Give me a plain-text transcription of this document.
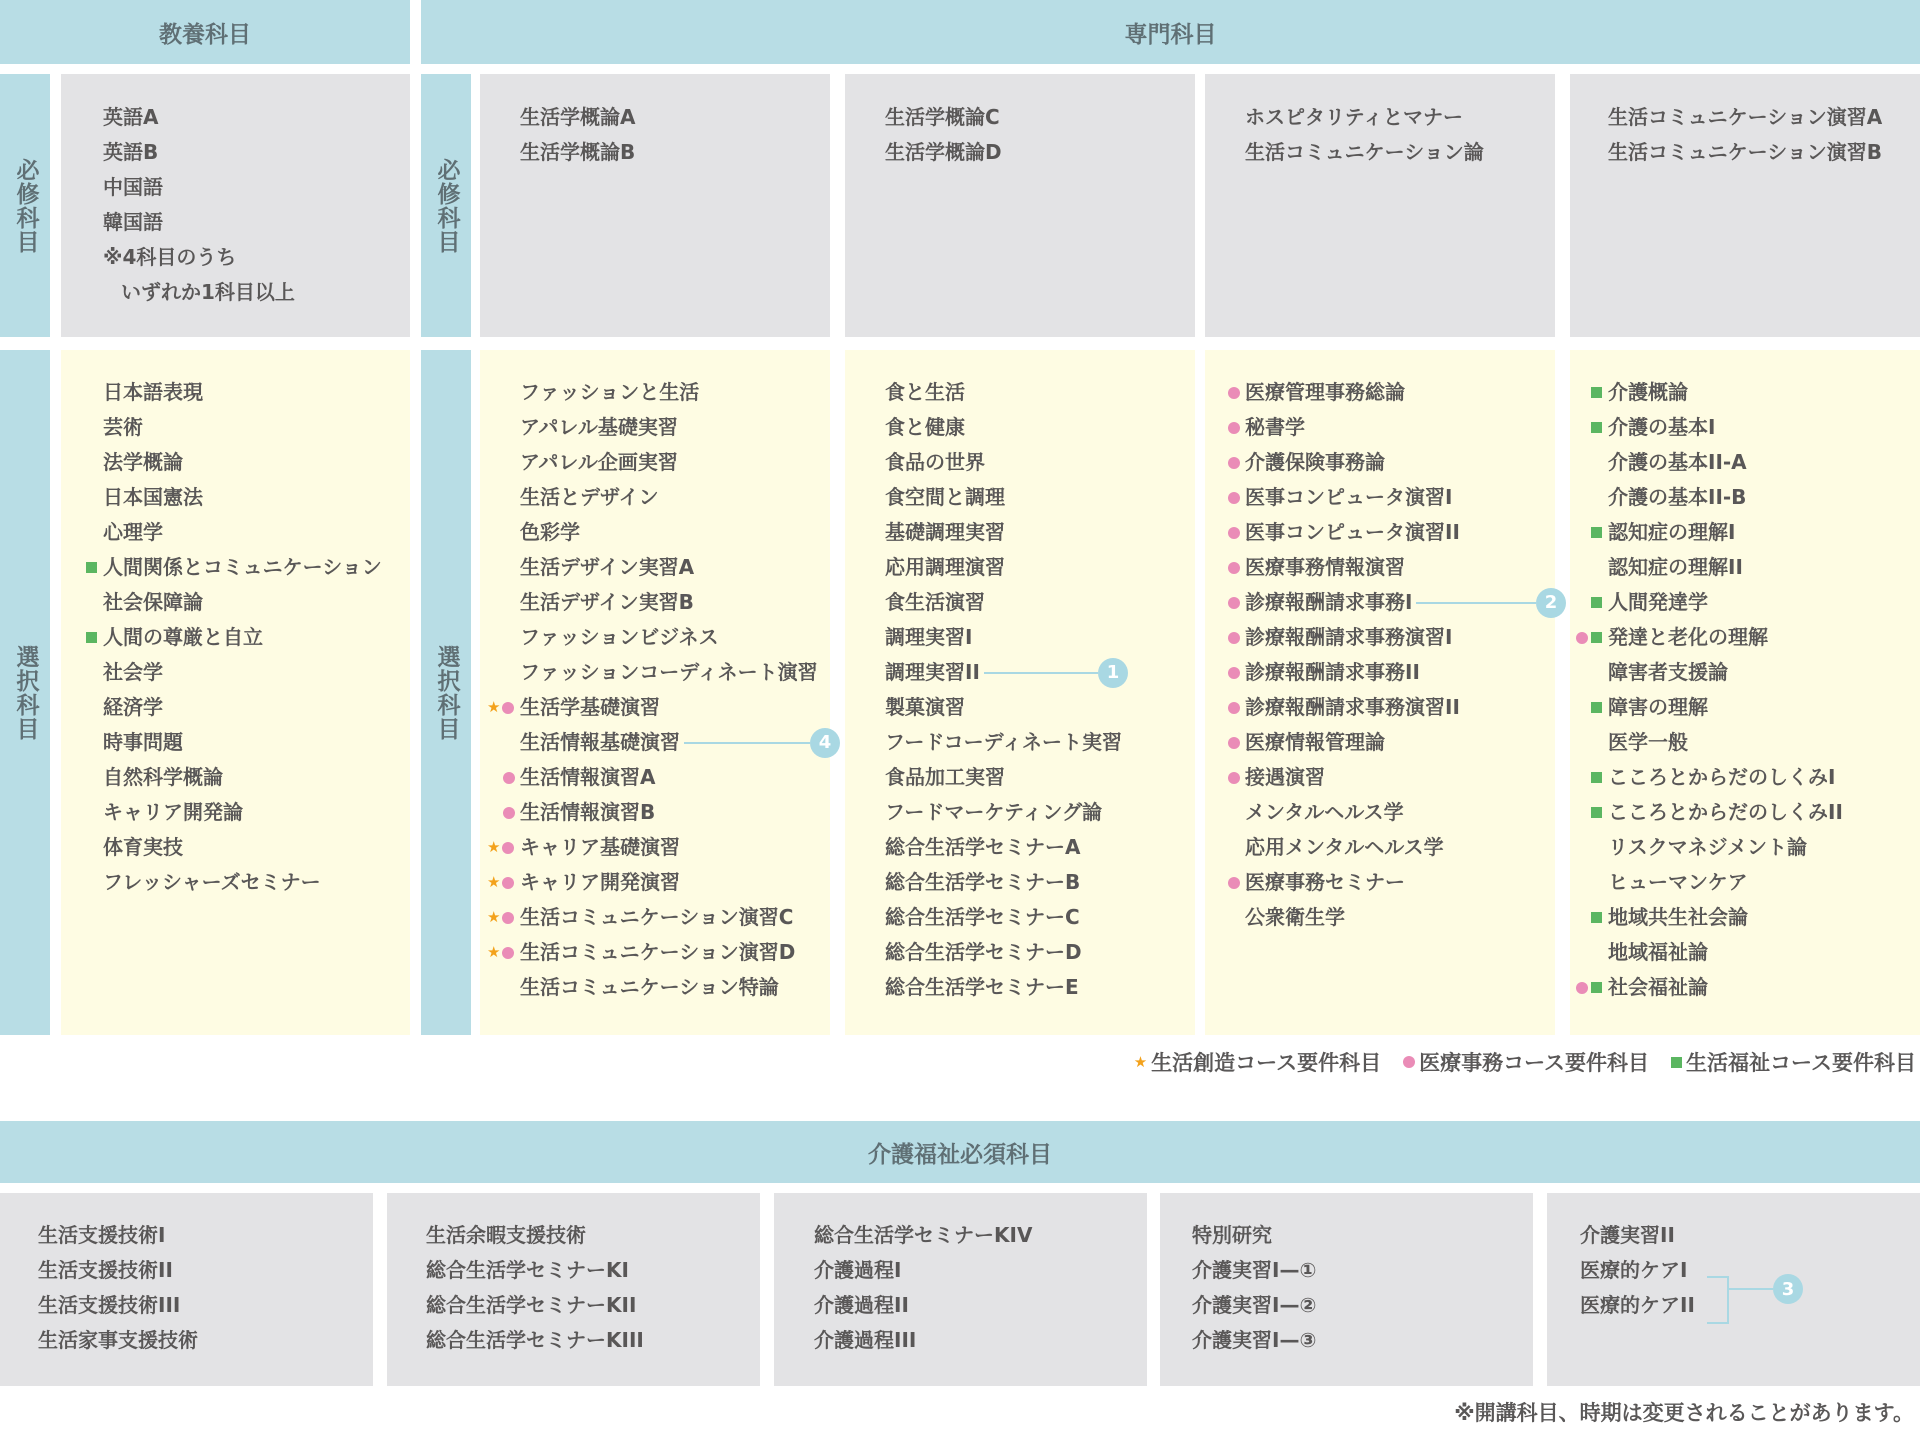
教養科目	専門科目
必修科目
選択科目
必修科目
選択科目
英語A
英語B
中国語
韓国語
※4科目のうち
いずれか1科目以上
日本語表現
芸術
法学概論
日本国憲法
心理学
人間関係とコミュニケーション
社会保障論
人間の尊厳と自立
社会学
経済学
時事問題
自然科学概論
キャリア開発論
体育実技
フレッシャーズセミナー
生活学概論A
生活学概論B
生活学概論C
生活学概論D
ホスピタリティとマナー
生活コミュニケーション論
生活コミュニケーション演習A
生活コミュニケーション演習B
ファッションと生活
アパレル基礎実習
アパレル企画実習
生活とデザイン
色彩学
生活デザイン実習A
生活デザイン実習B
ファッションビジネス
ファッションコーディネート演習
★ 生活学基礎演習
生活情報基礎演習
生活情報演習A
生活情報演習B
★ キャリア基礎演習
★ キャリア開発演習
★ 生活コミュニケーション演習C
★ 生活コミュニケーション演習D
生活コミュニケーション特論
食と生活
食と健康
食品の世界
食空間と調理
基礎調理実習
応用調理演習
食生活演習
調理実習I
調理実習II
製菓演習
フードコーディネート実習
食品加工実習
フードマーケティング論
総合生活学セミナーA
総合生活学セミナーB
総合生活学セミナーC
総合生活学セミナーD
総合生活学セミナーE
医療管理事務総論
秘書学
介護保険事務論
医事コンピュータ演習I
医事コンピュータ演習II
医療事務情報演習
診療報酬請求事務I
診療報酬請求事務演習I
診療報酬請求事務II
診療報酬請求事務演習II
医療情報管理論
接遇演習
メンタルヘルス学
応用メンタルヘルス学
医療事務セミナー
公衆衛生学
介護概論
介護の基本I
介護の基本II-A
介護の基本II-B
認知症の理解I
認知症の理解II
人間発達学
発達と老化の理解
障害者支援論
障害の理解
医学一般
こころとからだのしくみI
こころとからだのしくみII
リスクマネジメント論
ヒューマンケア
地域共生社会論
地域福祉論
社会福祉論
★ 生活創造コース要件科目 医療事務コース要件科目 生活福祉コース要件科目
介護福祉必須科目
生活支援技術I
生活支援技術II
生活支援技術III
生活家事支援技術
生活余暇支援技術
総合生活学セミナーKI
総合生活学セミナーKII
総合生活学セミナーKIII
総合生活学セミナーKIV
介護過程I
介護過程II
介護過程III
特別研究
介護実習I—①
介護実習I—②
介護実習I—③
介護実習II
医療的ケアI
医療的ケアII
3
※開講科目、時期は変更されることがあります。
4
1
2
